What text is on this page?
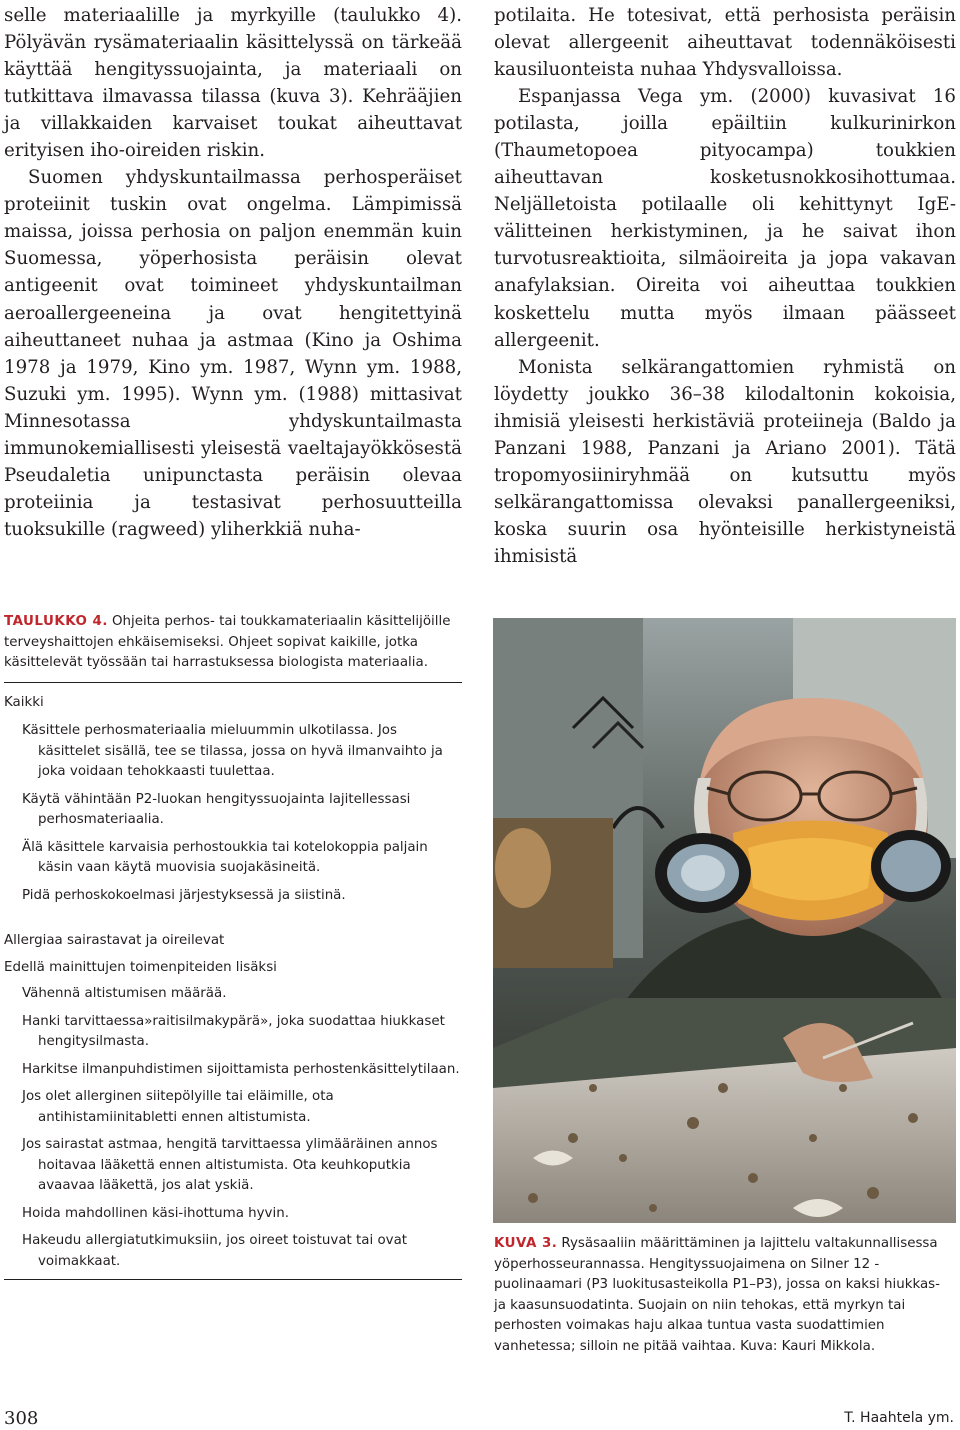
selle materiaalille ja myrkyille (taulukko 4). Pölyävän rysämateriaalin käsittelyssä on tärkeää käyttää hengityssuojainta, ja materiaali on tutkittava ilmavassa tilassa (kuva 3). Kehrääjien ja villakkaiden karvaiset toukat aiheuttavat erityisen iho-oireiden riskin.

Suomen yhdyskuntailmassa perhosperäiset proteiinit tuskin ovat ongelma. Lämpimissä maissa, joissa perhosia on paljon enemmän kuin Suomessa, yöperhosista peräisin olevat antigeenit ovat toimineet yhdyskuntailman aeroallergeeneina ja ovat hengitettyinä aiheuttaneet nuhaa ja astmaa (Kino ja Oshima 1978 ja 1979, Kino ym. 1987, Wynn ym. 1988, Suzuki ym. 1995). Wynn ym. (1988) mittasivat Minnesotassa yhdyskuntailmasta immunokemiallisesti yleisestä vaeltajayökkösestä Pseudaletia unipunctasta peräisin olevaa proteiinia ja testasivat perhosuutteilla tuoksukille (ragweed) yliherkkiä nuha-

potilaita. He totesivat, että perhosista peräisin olevat allergeenit aiheuttavat todennäköisesti kausiluonteista nuhaa Yhdysvalloissa.

Espanjassa Vega ym. (2000) kuvasivat 16 potilasta, joilla epäiltiin kulkurinirkon (Thaumetopoea pityocampa) toukkien aiheuttavan kosketusnokkosihottumaa. Neljälletoista potilaalle oli kehittynyt IgE-välitteinen herkistyminen, ja he saivat ihon turvotusreaktioita, silmäoireita ja jopa vakavan anafylaksian. Oireita voi aiheuttaa toukkien koskettelu mutta myös ilmaan päässeet allergeenit.

Monista selkärangattomien ryhmistä on löydetty joukko 36–38 kilodaltonin kokoisia, ihmisiä yleisesti herkistäviä proteiineja (Baldo ja Panzani 1988, Panzani ja Ariano 2001). Tätä tropomyosiiniryhmää on kutsuttu myös selkärangattomissa olevaksi panallergeeniksi, koska suurin osa hyönteisille herkistyneistä ihmisistä

TAULUKKO 4. Ohjeita perhos- tai toukkamateriaalin käsittelijöille terveyshaittojen ehkäisemiseksi. Ohjeet sopivat kaikille, jotka käsittelevät työssään tai harrastuksessa biologista materiaalia.
Kaikki
Käsittele perhosmateriaalia mieluummin ulkotilassa. Jos käsittelet sisällä, tee se tilassa, jossa on hyvä ilmanvaihto ja joka voidaan tehokkaasti tuulettaa.
Käytä vähintään P2-luokan hengityssuojainta lajitellessasi perhosmateriaalia.
Älä käsittele karvaisia perhostoukkia tai kotelokoppia paljain käsin vaan käytä muovisia suojakäsineitä.
Pidä perhoskokoelmasi järjestyksessä ja siistinä.
Allergiaa sairastavat ja oireilevat
Edellä mainittujen toimenpiteiden lisäksi
Vähennä altistumisen määrää.
Hanki tarvittaessa»raitisilmakypärä», joka suodattaa hiukkaset hengitysilmasta.
Harkitse ilmanpuhdistimen sijoittamista perhostenkäsittelytilaan.
Jos olet allerginen siitepölyille tai eläimille, ota antihistamiinitabletti ennen altistumista.
Jos sairastat astmaa, hengitä tarvittaessa ylimääräinen annos hoitavaa lääkettä ennen altistumista. Ota keuhkoputkia avaavaa lääkettä, jos alat yskiä.
Hoida mahdollinen käsi-ihottuma hyvin.
Hakeudu allergiatutkimuksiin, jos oireet toistuvat tai ovat voimakkaat.
KUVA 3. Rysäsaaliin määrittäminen ja lajittelu valtakunnallisessa yöperhosseurannassa. Hengityssuojaimena on Silner 12 -puolinaamari (P3 luokitusasteikolla P1–P3), jossa on kaksi hiukkas- ja kaasunsuodatinta. Suojain on niin tehokas, että myrkyn tai perhosten voimakas haju alkaa tuntua vasta suodattimien vanhetessa; silloin ne pitää vaihtaa. Kuva: Kauri Mikkola.
308	T. Haahtela ym.
